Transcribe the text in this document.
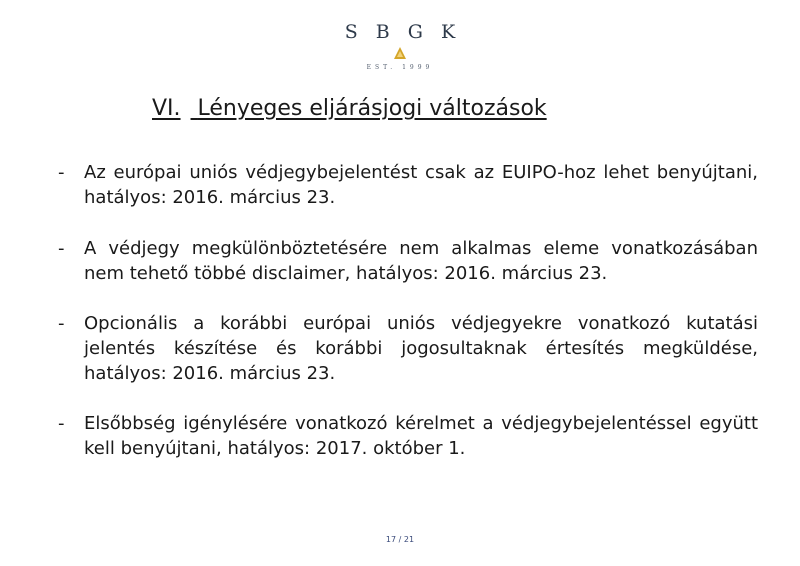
S B G K
EST. 1999
VI. Lényeges eljárásjogi változások
- Az európai uniós védjegybejelentést csak az EUIPO-hoz lehet benyújtani, hatályos: 2016. március 23.
- A védjegy megkülönböztetésére nem alkalmas eleme vonatkozásában nem tehető többé disclaimer, hatályos: 2016. március 23.
- Opcionális a korábbi európai uniós védjegyekre vonatkozó kutatási jelentés készítése és korábbi jogosultaknak értesítés megküldése, hatályos: 2016. március 23.
- Elsőbbség igénylésére vonatkozó kérelmet a védjegybejelentéssel együtt kell benyújtani, hatályos: 2017. október 1.
17 / 21
